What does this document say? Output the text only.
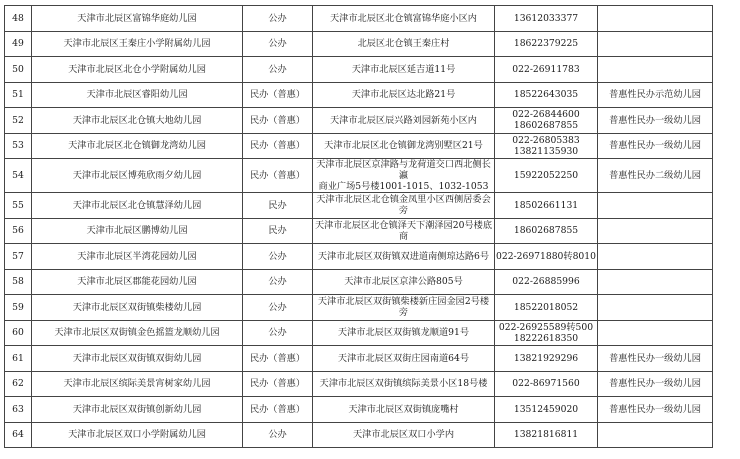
48	天津市北辰区富锦华庭幼儿园	公办	天津市北辰区北仓镇富锦华庭小区内	13612033377	

49	天津市北辰区王秦庄小学附属幼儿园	公办	北辰区北仓镇王秦庄村	18622379225	

50	天津市北辰区北仓小学附属幼儿园	公办	天津市北辰区延吉道11号	022-26911783	

51	天津市北辰区睿阳幼儿园	民办（普惠）	天津市北辰区达北路21号	18522643035	普惠性民办示范幼儿园
52	天津市北辰区北仓镇大地幼儿园	民办（普惠）	天津市北辰区辰兴路刘园新苑小区内	022-26844600
18602687855	普惠性民办一级幼儿园
53	天津市北辰区北仓镇御龙湾幼儿园	民办（普惠）	天津市北辰区北仓镇御龙湾别墅区21号	022-26805383
13821135930	普惠性民办一级幼儿园
54	天津市北辰区博苑欣雨夕幼儿园	民办（普惠）	天津市北辰区京津路与龙荷道交口西北侧长瀛
商业广场5号楼1001-1015、1032-1053	15922052250	普惠性民办二级幼儿园
55	天津市北辰区北仓镇慧泽幼儿园	民办	天津市北辰区北仓镇金凤里小区西侧居委会旁	18502661131	

56	天津市北辰区鹏博幼儿园	民办	天津市北辰区北仓镇泽天下潮泽园20号楼底商	18602687855	

57	天津市北辰区半湾花园幼儿园	公办	天津市北辰区双街镇双进道南侧琼达路6号	022-26971880转8010	

58	天津市北辰区郡能花园幼儿园	公办	天津市北辰区京津公路805号	022-26885996	

59	天津市北辰区双街镇柴楼幼儿园	公办	天津市北辰区双街镇柴楼新庄园金园2号楼旁	18522018052	

60	天津市北辰区双街镇金色摇篮龙顺幼儿园	公办	天津市北辰区双街镇龙顺道91号	022-26925589转500
18222618350	

61	天津市北辰区双街镇双街幼儿园	民办（普惠）	天津市北辰区双街庄园南道64号	13821929296	普惠性民办一级幼儿园
62	天津市北辰区缤际美景宵树家幼儿园	民办（普惠）	天津市北辰区双街镇缤际美景小区18号楼	022-86971560	普惠性民办一级幼儿园
63	天津市北辰区双街镇创新幼儿园	民办（普惠）	天津市北辰区双街镇庞嘴村	13512459020	普惠性民办一级幼儿园
64	天津市北辰区双口小学附属幼儿园	公办	天津市北辰区双口小学内	13821816811	
